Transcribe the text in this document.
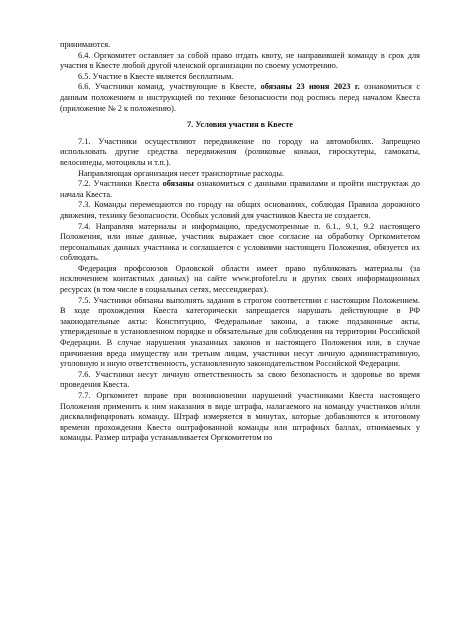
принимаются.

6.4. Оргкомитет оставляет за собой право отдать квоту, не направившей команду в срок для участия в Квесте любой другой членской организации по своему усмотрению.

6.5. Участие в Квесте является бесплатным.

6.6. Участники команд, участвующие в Квесте, обязаны 23 июня 2023 г. ознакомиться с данным положением и инструкцией по технике безопасности под роспись перед началом Квеста (приложение № 2 к положению).

7. Условия участия в Квесте

7.1. Участники осуществляют передвижение по городу на автомобилях. Запрещено использовать другие средства передвижения (роликовые коньки, гироскутеры, самокаты, велосипеды, мотоциклы и т.п.).

Направляющая организация несет транспортные расходы.

7.2. Участники Квеста обязаны ознакомиться с данными правилами и пройти инструктаж до начала Квеста.

7.3. Команды перемещаются по городу на общих основаниях, соблюдая Правила дорожного движения, технику безопасности. Особых условий для участников Квеста не создается.

7.4. Направляя материалы и информацию, предусмотренные п. 6.1., 9.1, 9.2 настоящего Положения, или иные данные, участник выражает свое согласие на обработку Оргкомитетом персональных данных участника и соглашается с условиями настоящего Положения, обязуется их соблюдать.

Федерация профсоюзов Орловской области имеет право публиковать материалы (за исключением контактных данных) на сайте www.proforel.ru и других своих информационных ресурсах (в том числе в социальных сетях, мессенджерах).

7.5. Участники обязаны выполнять задания в строгом соответствии с настоящим Положением. В ходе прохождения Квеста категорически запрещается нарушать действующие в РФ законодательные акты: Конституцию, Федеральные законы, а также подзаконные акты, утвержденные в установленном порядке и обязательные для соблюдения на территории Российской Федерации. В случае нарушения указанных законов и настоящего Положения или, в случае причинения вреда имуществу или третьим лицам, участники несут личную административную, уголовную и иную ответственность, установленную законодательством Российской Федерации.

7.6. Участники несут личную ответственность за свою безопасность и здоровье во время проведения Квеста.

7.7. Оргкомитет вправе при возникновении нарушений участниками Квеста настоящего Положения применить к ним наказания в виде штрафа, налагаемого на команду участников и/или дисквалифицировать команду. Штраф измеряется в минутах, которые добавляются к итоговому времени прохождения Квеста оштрафованной команды или штрафных баллах, отнимаемых у команды. Размер штрафа устанавливается Оргкомитетом по
